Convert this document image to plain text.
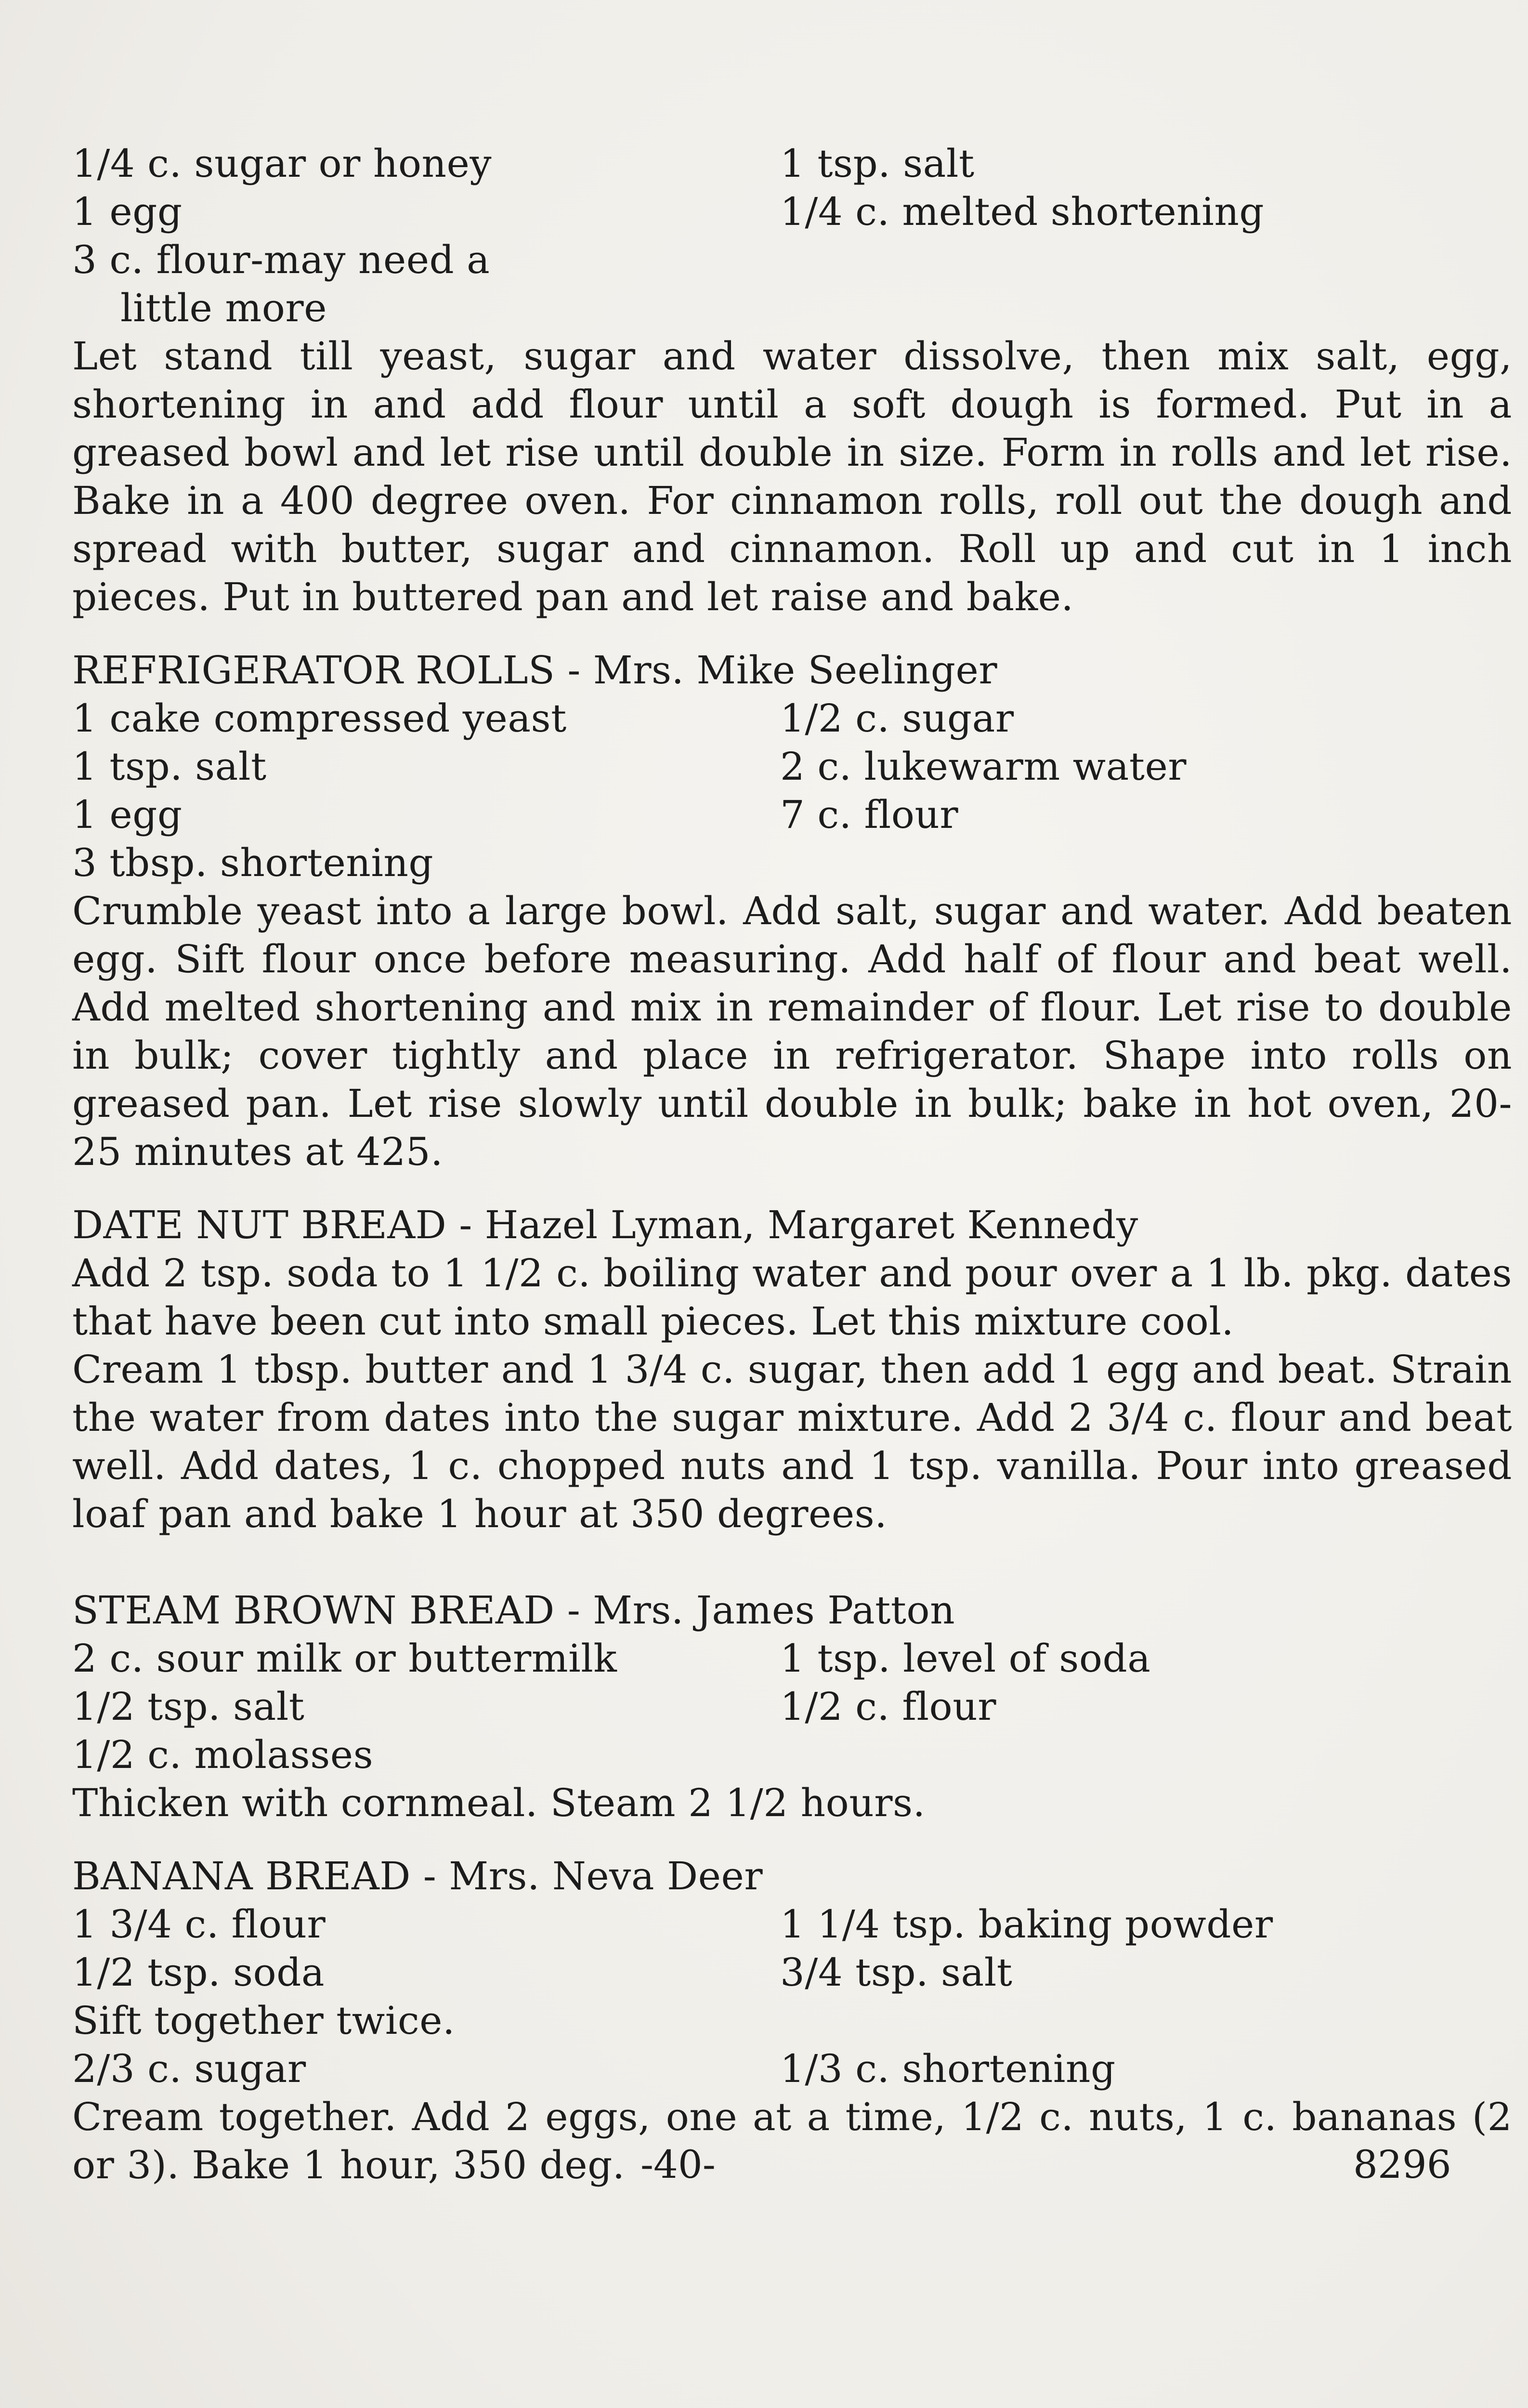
1/4 c. sugar or honey	1 tsp. salt
1 egg	1/4 c. melted shortening
3 c. flour-may need a
little more
Let stand till yeast, sugar and water dissolve, then mix salt, egg, shortening in and add flour until a soft dough is formed. Put in a greased bowl and let rise until double in size. Form in rolls and let rise. Bake in a 400 degree oven. For cinnamon rolls, roll out the dough and spread with butter, sugar and cinnamon. Roll up and cut in 1 inch pieces. Put in buttered pan and let raise and bake.
REFRIGERATOR ROLLS - Mrs. Mike Seelinger
1 cake compressed yeast	1/2 c. sugar
1 tsp. salt	2 c. lukewarm water
1 egg	7 c. flour
3 tbsp. shortening
Crumble yeast into a large bowl. Add salt, sugar and water. Add beaten egg. Sift flour once before measuring. Add half of flour and beat well. Add melted shortening and mix in remainder of flour. Let rise to double in bulk; cover tightly and place in refrigerator. Shape into rolls on greased pan. Let rise slowly until double in bulk; bake in hot oven, 20-25 minutes at 425.
DATE NUT BREAD - Hazel Lyman, Margaret Kennedy
Add 2 tsp. soda to 1 1/2 c. boiling water and pour over a 1 lb. pkg. dates that have been cut into small pieces. Let this mixture cool.
Cream 1 tbsp. butter and 1 3/4 c. sugar, then add 1 egg and beat. Strain the water from dates into the sugar mixture. Add 2 3/4 c. flour and beat well. Add dates, 1 c. chopped nuts and 1 tsp. vanilla. Pour into greased loaf pan and bake 1 hour at 350 degrees.
STEAM BROWN BREAD - Mrs. James Patton
2 c. sour milk or buttermilk	1 tsp. level of soda
1/2 tsp. salt	1/2 c. flour
1/2 c. molasses
Thicken with cornmeal. Steam 2 1/2 hours.
BANANA BREAD - Mrs. Neva Deer
1 3/4 c. flour	1 1/4 tsp. baking powder
1/2 tsp. soda	3/4 tsp. salt
Sift together twice.
2/3 c. sugar	1/3 c. shortening
Cream together. Add 2 eggs, one at a time, 1/2 c. nuts, 1 c. bananas (2 or 3). Bake 1 hour, 350 deg. -40-	8296
